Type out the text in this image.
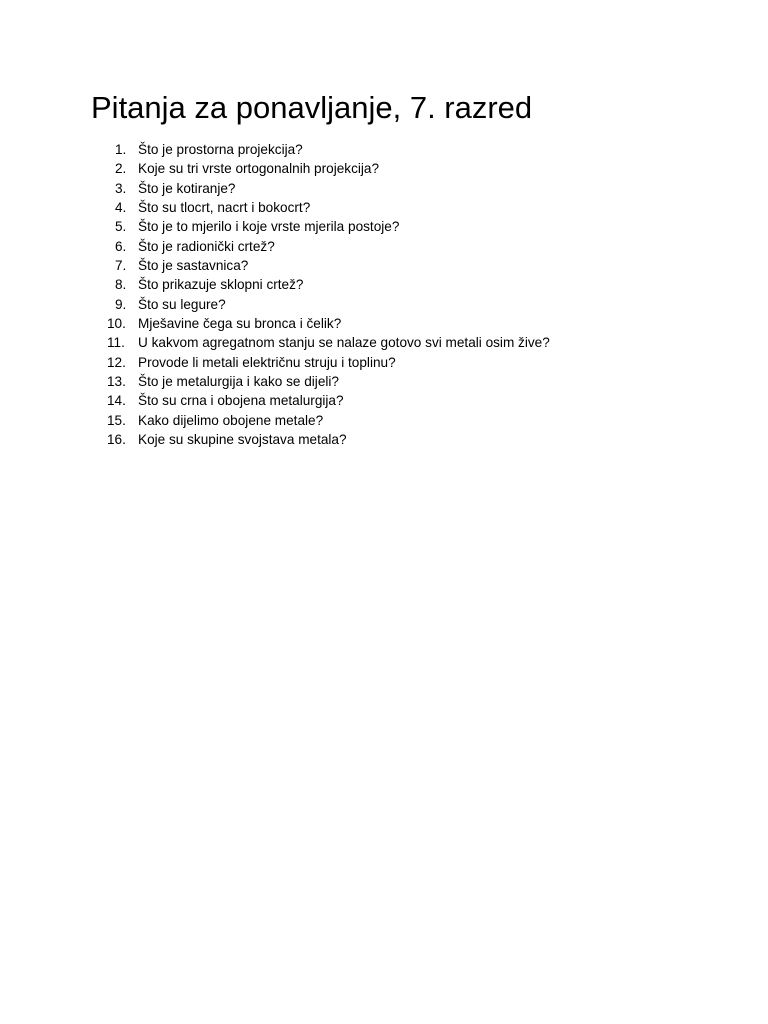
Pitanja za ponavljanje, 7. razred
1. Što je prostorna projekcija?
2. Koje su tri vrste ortogonalnih projekcija?
3. Što je kotiranje?
4. Što su tlocrt, nacrt i bokocrt?
5. Što je to mjerilo i koje vrste mjerila postoje?
6. Što je radionički crtež?
7. Što je sastavnica?
8. Što prikazuje sklopni crtež?
9. Što su legure?
10. Mješavine čega su bronca i čelik?
11. U kakvom agregatnom stanju se nalaze gotovo svi metali osim žive?
12. Provode li metali električnu struju i toplinu?
13. Što je metalurgija i kako se dijeli?
14. Što su crna i obojena metalurgija?
15. Kako dijelimo obojene metale?
16. Koje su skupine svojstava metala?
